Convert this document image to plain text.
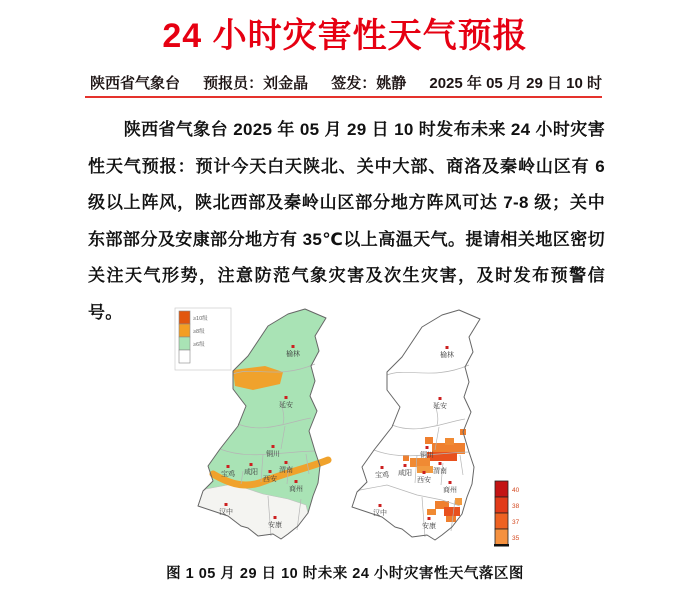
24 小时灾害性天气预报
陕西省气象台 预报员：刘金晶 签发：姚静 2025 年 05 月 29 日 10 时
陕西省气象台 2025 年 05 月 29 日 10 时发布未来 24 小时灾害性天气预报：预计今天白天陕北、关中大部、商洛及秦岭山区有 6 级以上阵风，陕北西部及秦岭山区部分地方阵风可达 7-8 级；关中东部部分及安康部分地方有 35℃以上高温天气。提请相关地区密切关注天气形势，注意防范气象灾害及次生灾害，及时发布预警信号。
榆林
延安
铜川
宝鸡 咸阳
西安
渭南
商州
汉中
安康
≥10级
≥8级
≥6级
榆林
延安
铜川
宝鸡 咸阳
西安
渭南
商州
汉中
安康
40
38
37
35
图 1 05 月 29 日 10 时未来 24 小时灾害性天气落区图
